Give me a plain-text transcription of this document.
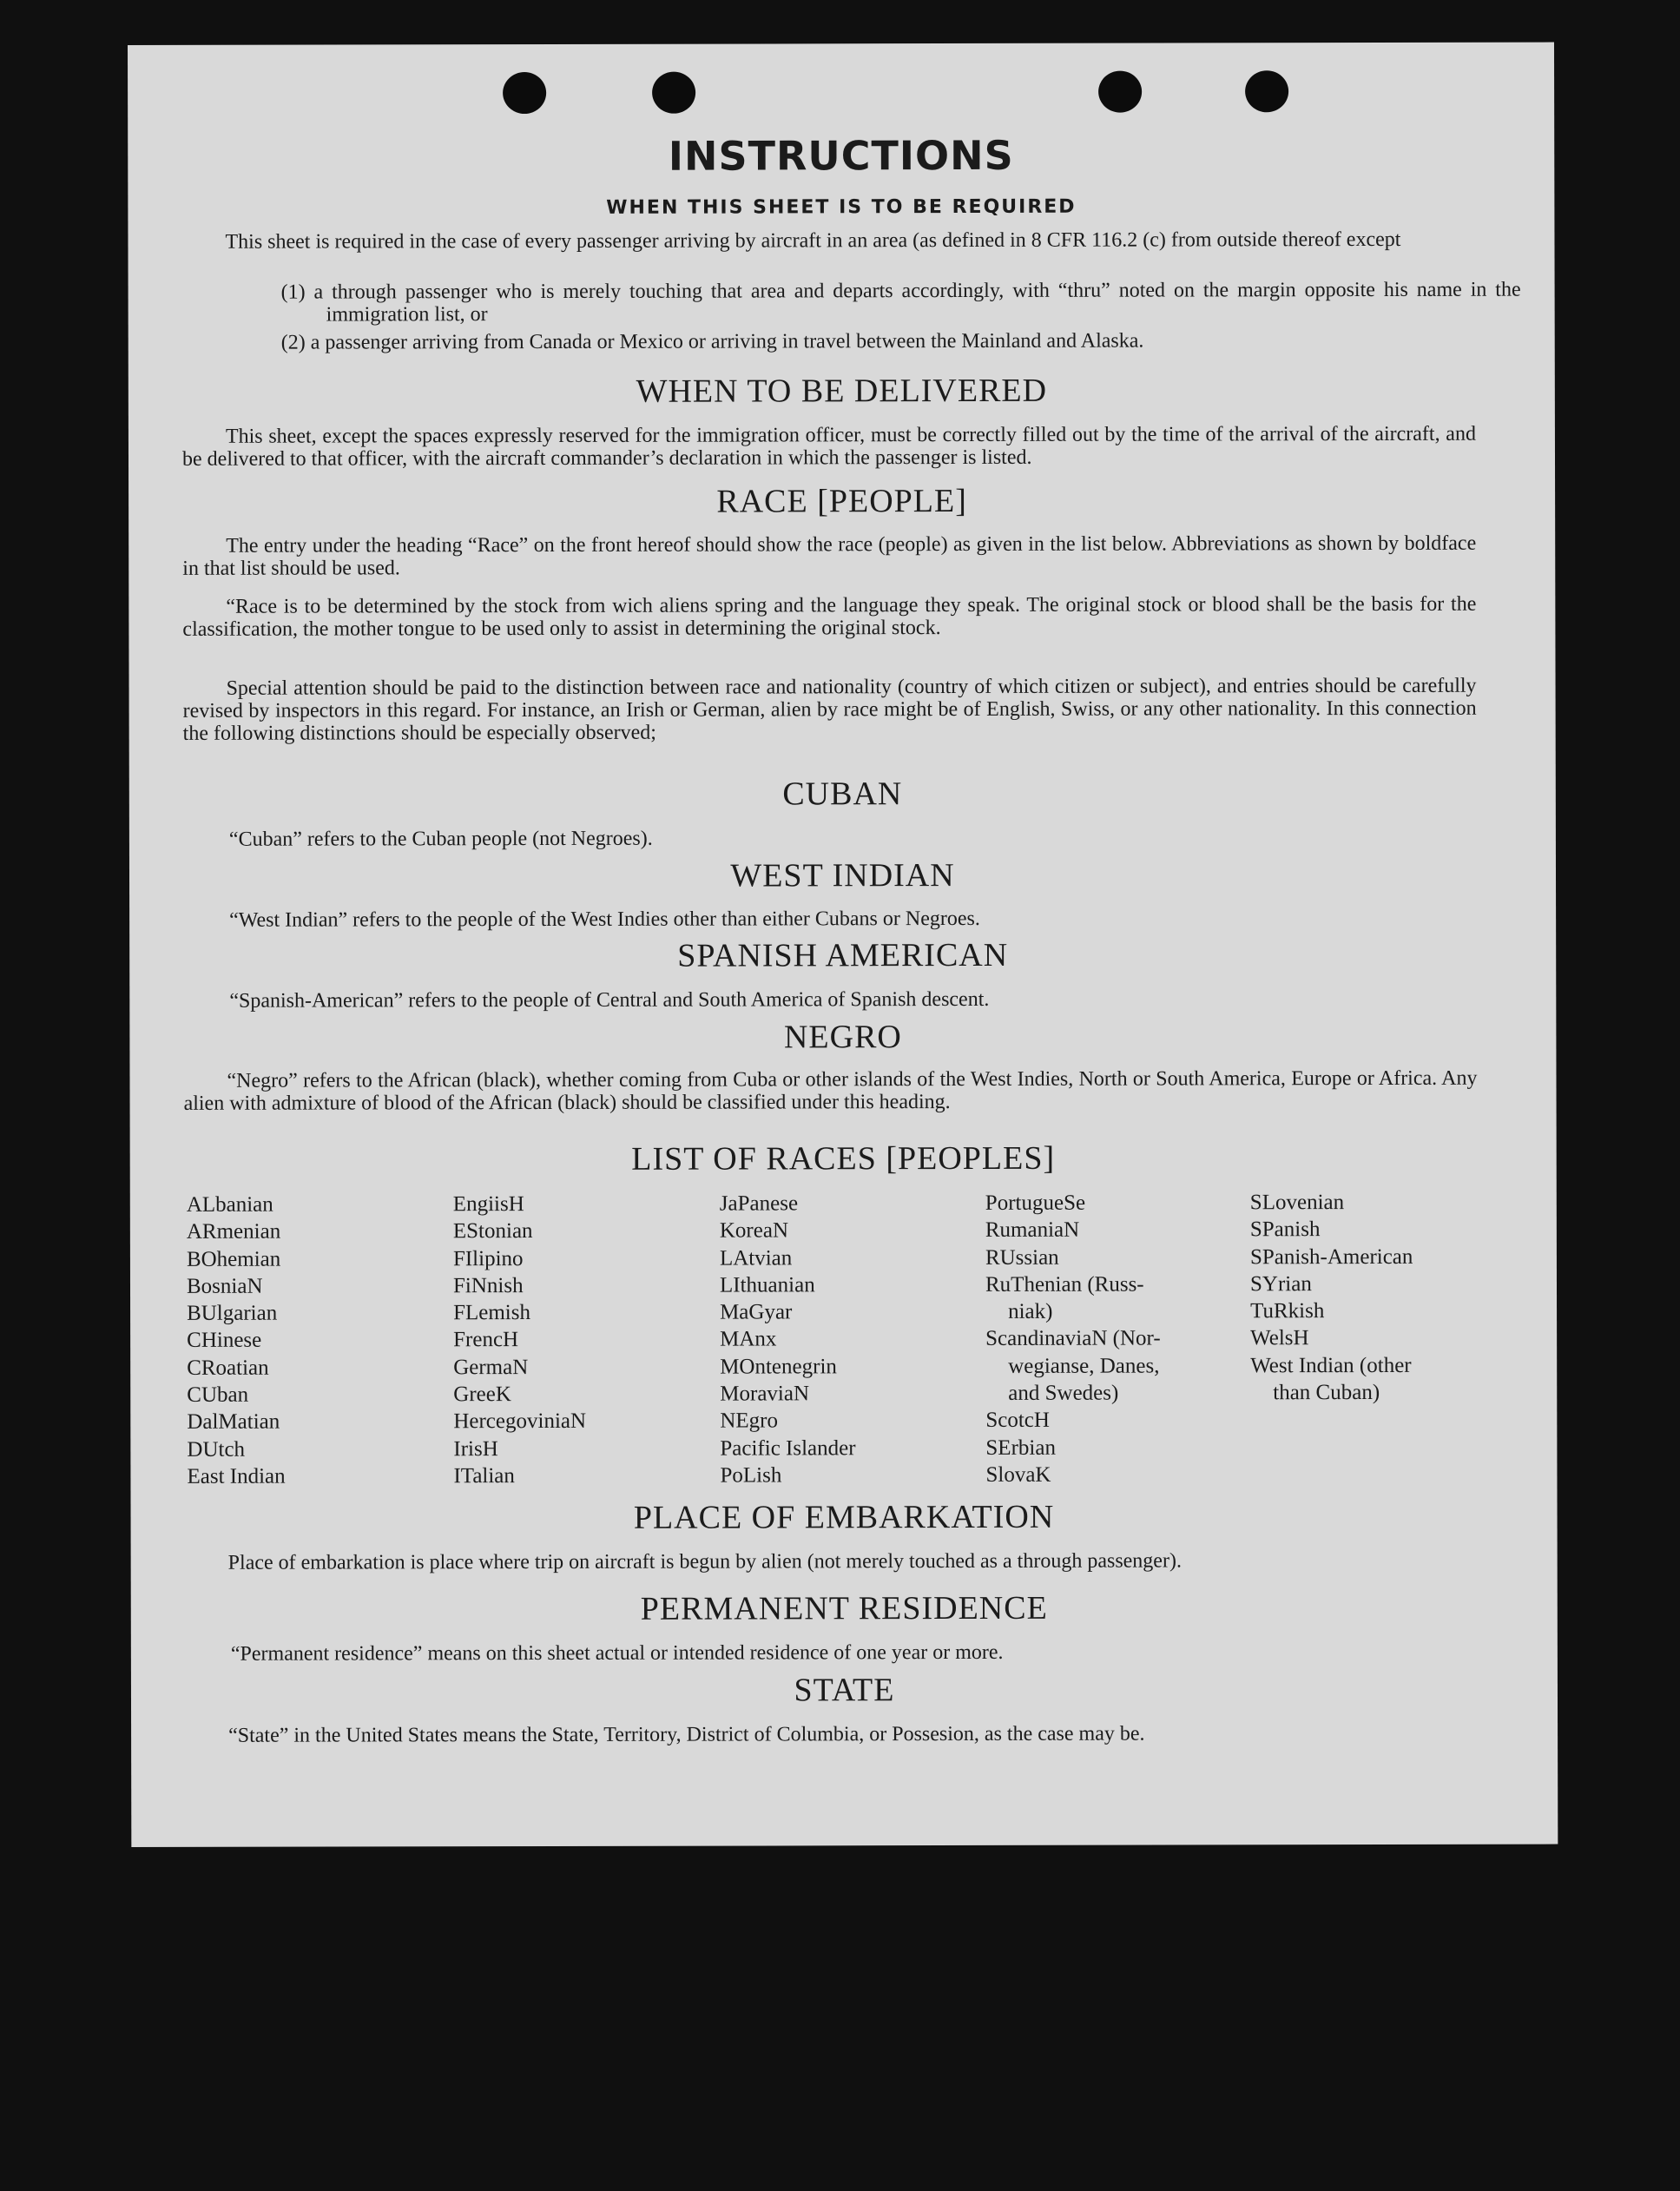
INSTRUCTIONS
WHEN THIS SHEET IS TO BE REQUIRED
This sheet is required in the case of every passenger arriving by aircraft in an area (as defined in 8 CFR 116.2 (c) from outside thereof except
(1) a through passenger who is merely touching that area and departs accordingly, with “thru” noted on the margin opposite his name in the immigration list, or
(2) a passenger arriving from Canada or Mexico or arriving in travel between the Mainland and Alaska.
WHEN TO BE DELIVERED
This sheet, except the spaces expressly reserved for the immigration officer, must be correctly filled out by the time of the arrival of the aircraft, and be delivered to that officer, with the aircraft commander’s declaration in which the passenger is listed.
RACE [PEOPLE]
The entry under the heading “Race” on the front hereof should show the race (people) as given in the list below. Abbreviations as shown by boldface in that list should be used.
“Race is to be determined by the stock from wich aliens spring and the language they speak. The original stock or blood shall be the basis for the classification, the mother tongue to be used only to assist in determining the original stock.
Special attention should be paid to the distinction between race and nationality (country of which citizen or subject), and entries should be carefully revised by inspectors in this regard. For instance, an Irish or German, alien by race might be of English, Swiss, or any other nationality. In this connection the following distinctions should be especially observed;
CUBAN
“Cuban” refers to the Cuban people (not Negroes).
WEST INDIAN
“West Indian” refers to the people of the West Indies other than either Cubans or Negroes.
SPANISH AMERICAN
“Spanish-American” refers to the people of Central and South America of Spanish descent.
NEGRO
“Negro” refers to the African (black), whether coming from Cuba or other islands of the West Indies, North or South America, Europe or Africa. Any alien with admixture of blood of the African (black) should be classified under this heading.
LIST OF RACES [PEOPLES]
ALbanian
ARmenian
BOhemian
BosniaN
BUlgarian
CHinese
CRoatian
CUban
DalMatian
DUtch
East Indian
EngiisH
EStonian
FIlipino
FiNnish
FLemish
FrencH
GermaN
GreeK
HercegoviniaN
IrisH
ITalian
JaPanese
KoreaN
LAtvian
LIthuanian
MaGyar
MAnx
MOntenegrin
MoraviaN
NEgro
Pacific Islander
PoLish
PortugueSe
RumaniaN
RUssian
RuThenian (Russ-
niak)
ScandinaviaN (Nor-
wegianse, Danes,
and Swedes)
ScotcH
SErbian
SlovaK
SLovenian
SPanish
SPanish-American
SYrian
TuRkish
WelsH
West Indian (other
than Cuban)
PLACE OF EMBARKATION
Place of embarkation is place where trip on aircraft is begun by alien (not merely touched as a through passenger).
PERMANENT RESIDENCE
“Permanent residence” means on this sheet actual or intended residence of one year or more.
STATE
“State” in the United States means the State, Territory, District of Columbia, or Possesion, as the case may be.
